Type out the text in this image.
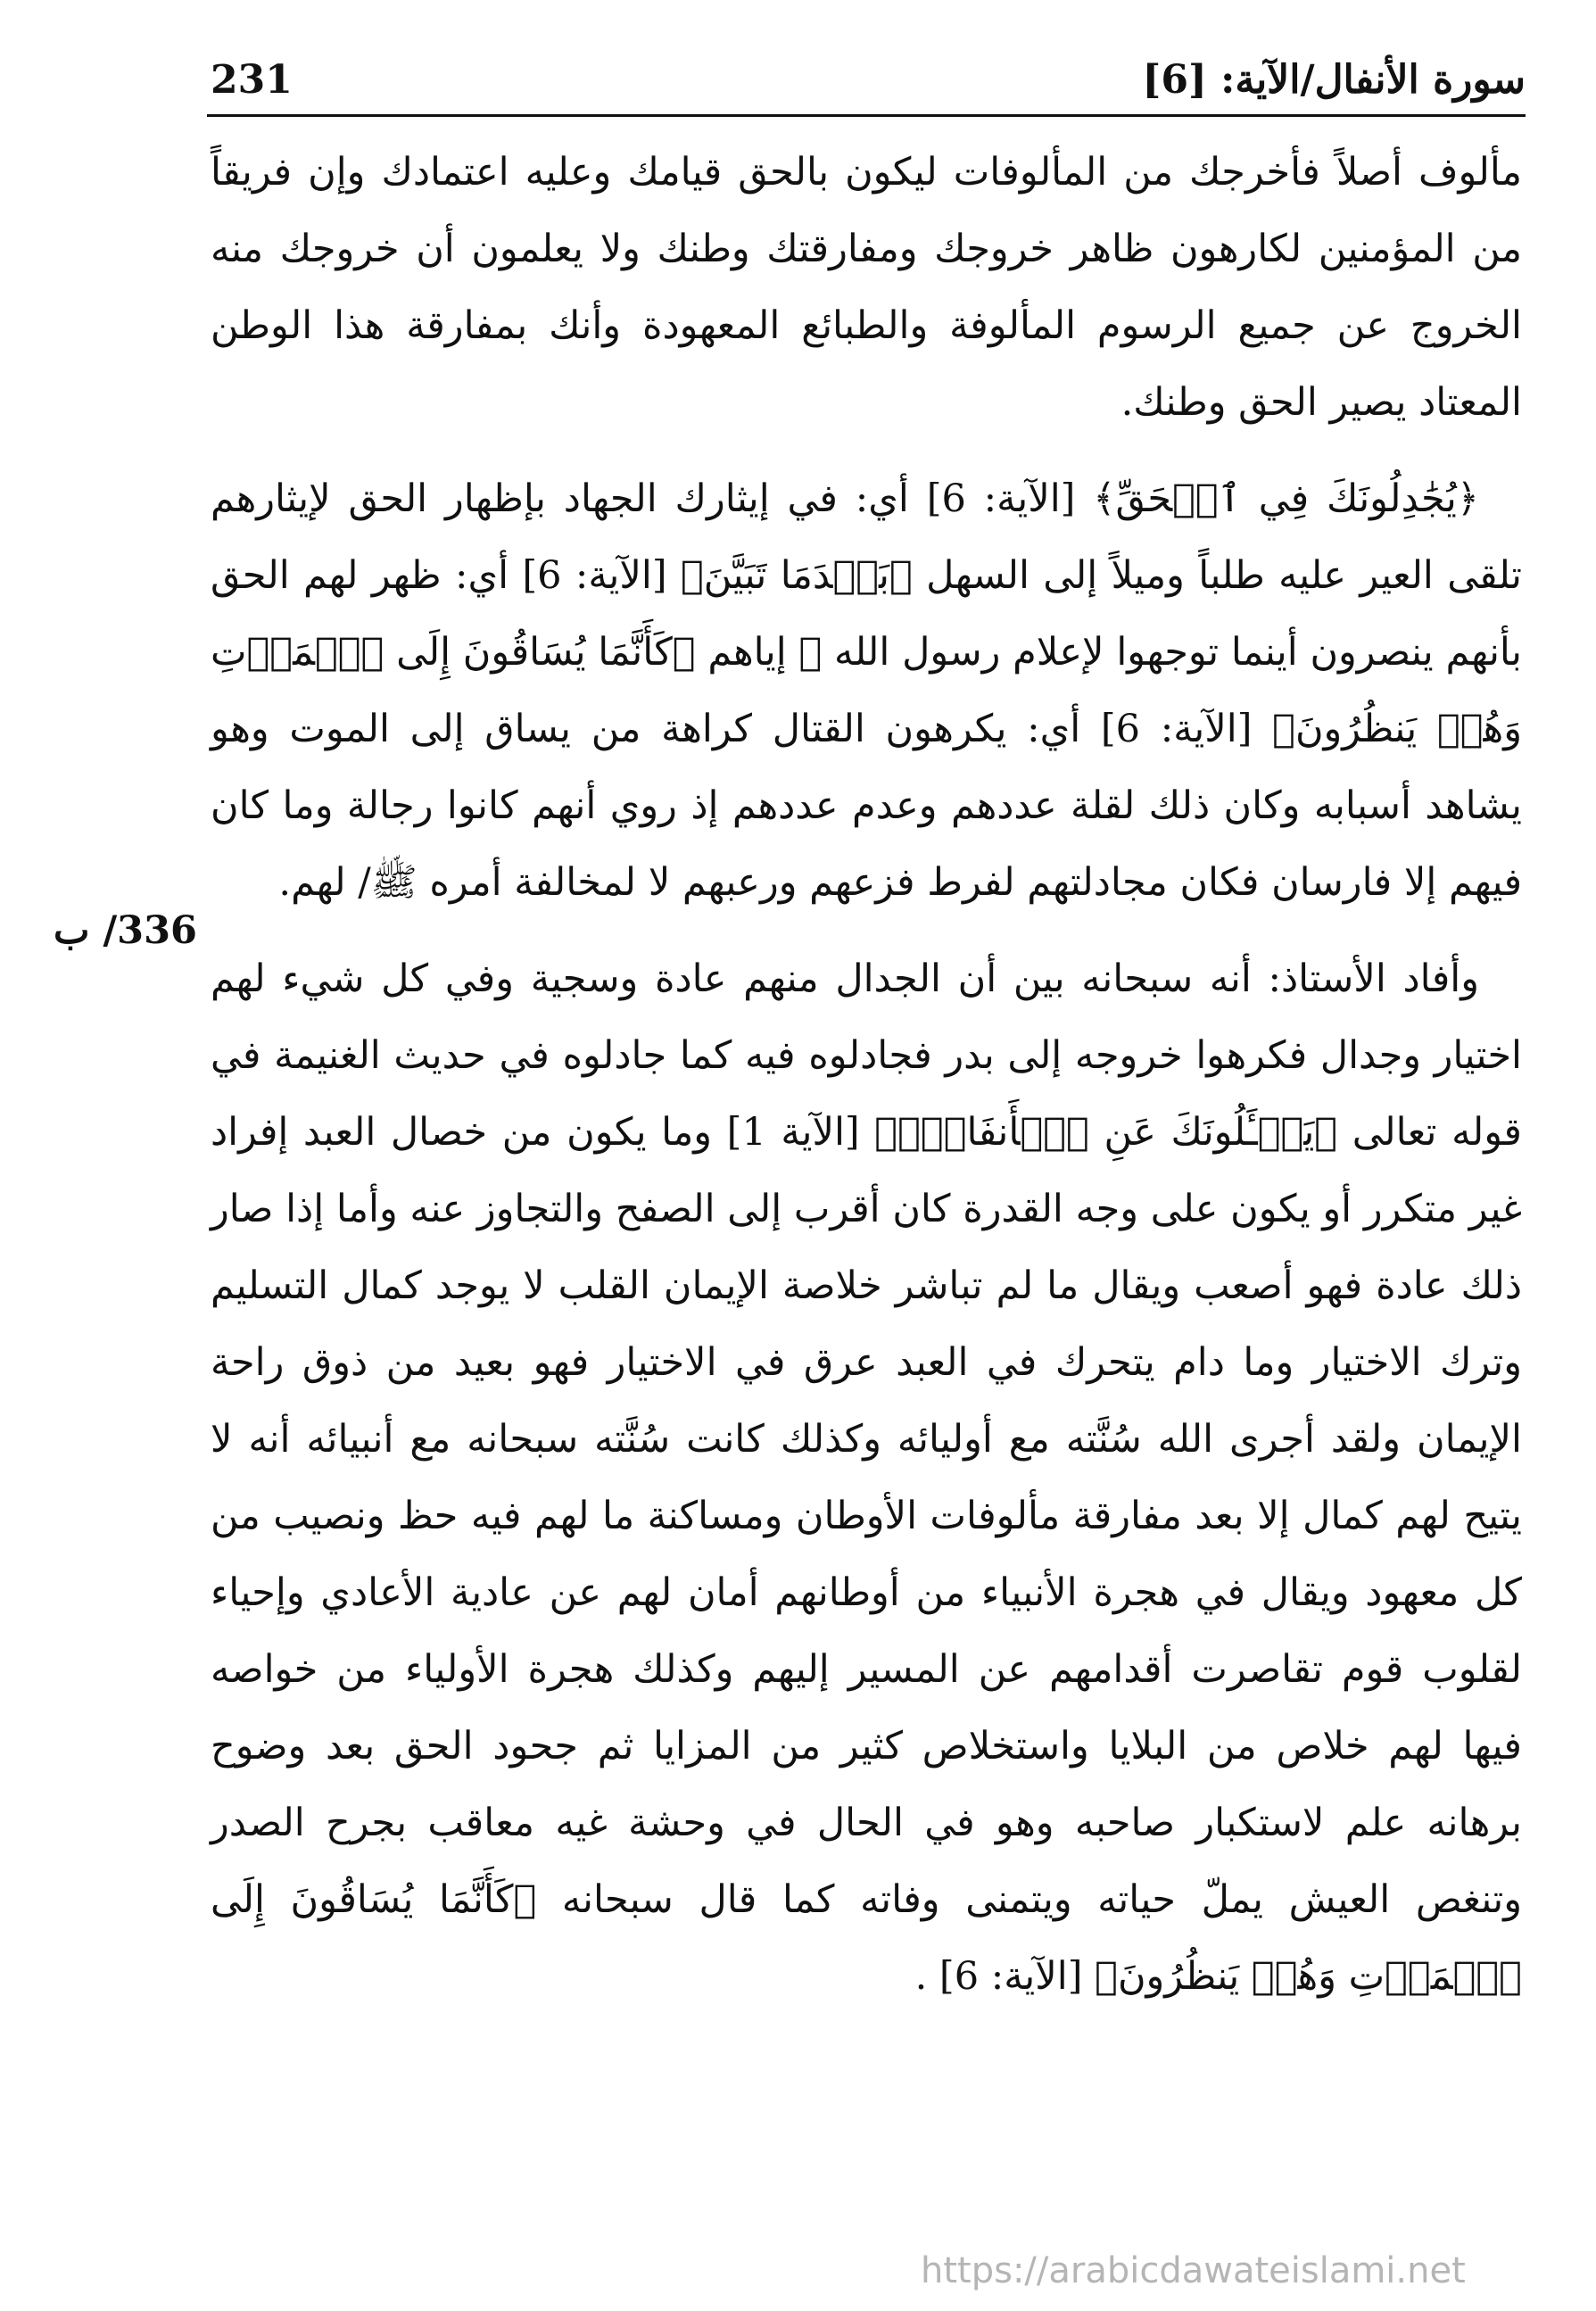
سورة الأنفال/الآية: [6]
231
336/ ب

مألوف أصلاً فأخرجك من المألوفات ليكون بالحق قيامك وعليه اعتمادك وإن فريقاً من المؤمنين لكارهون ظاهر خروجك ومفارقتك وطنك ولا يعلمون أن خروجك منه الخروج عن جميع الرسوم المألوفة والطبائع المعهودة وأنك بمفارقة هذا الوطن المعتاد يصير الحق وطنك.

﴿يُجَٰدِلُونَكَ فِي ٱلۡحَقِّ﴾ [الآية: 6] أي: في إيثارك الجهاد بإظهار الحق لإيثارهم تلقى العير عليه طلباً وميلاً إلى السهل ﴿بَعۡدَمَا تَبَيَّنَ﴾ [الآية: 6] أي: ظهر لهم الحق بأنهم ينصرون أينما توجهوا لإعلام رسول الله ﷺ إياهم ﴿كَأَنَّمَا يُسَاقُونَ إِلَى ٱلۡمَوۡتِ وَهُمۡ يَنظُرُونَ﴾ [الآية: 6] أي: يكرهون القتال كراهة من يساق إلى الموت وهو يشاهد أسبابه وكان ذلك لقلة عددهم وعدم عددهم إذ روي أنهم كانوا رجالة وما كان فيهم إلا فارسان فكان مجادلتهم لفرط فزعهم ورعبهم لا لمخالفة أمره ﷺ/ لهم.

وأفاد الأستاذ: أنه سبحانه بين أن الجدال منهم عادة وسجية وفي كل شيء لهم اختيار وجدال فكرهوا خروجه إلى بدر فجادلوه فيه كما جادلوه في حديث الغنيمة في قوله تعالى ﴿يَسۡـَٔلُونَكَ عَنِ ٱلۡأَنفَالِۖ﴾ [الآية 1] وما يكون من خصال العبد إفراد غير متكرر أو يكون على وجه القدرة كان أقرب إلى الصفح والتجاوز عنه وأما إذا صار ذلك عادة فهو أصعب ويقال ما لم تباشر خلاصة الإيمان القلب لا يوجد كمال التسليم وترك الاختيار وما دام يتحرك في العبد عرق في الاختيار فهو بعيد من ذوق راحة الإيمان ولقد أجرى الله سُنَّته مع أوليائه وكذلك كانت سُنَّته سبحانه مع أنبيائه أنه لا يتيح لهم كمال إلا بعد مفارقة مألوفات الأوطان ومساكنة ما لهم فيه حظ ونصيب من كل معهود ويقال في هجرة الأنبياء من أوطانهم أمان لهم عن عادية الأعادي وإحياء لقلوب قوم تقاصرت أقدامهم عن المسير إليهم وكذلك هجرة الأولياء من خواصه فيها لهم خلاص من البلايا واستخلاص كثير من المزايا ثم جحود الحق بعد وضوح برهانه علم لاستكبار صاحبه وهو في الحال في وحشة غيه معاقب بجرح الصدر وتنغص العيش يملّ حياته ويتمنى وفاته كما قال سبحانه ﴿كَأَنَّمَا يُسَاقُونَ إِلَى ٱلۡمَوۡتِ وَهُمۡ يَنظُرُونَ﴾ [الآية: 6] .

https://arabicdawateislami.net
